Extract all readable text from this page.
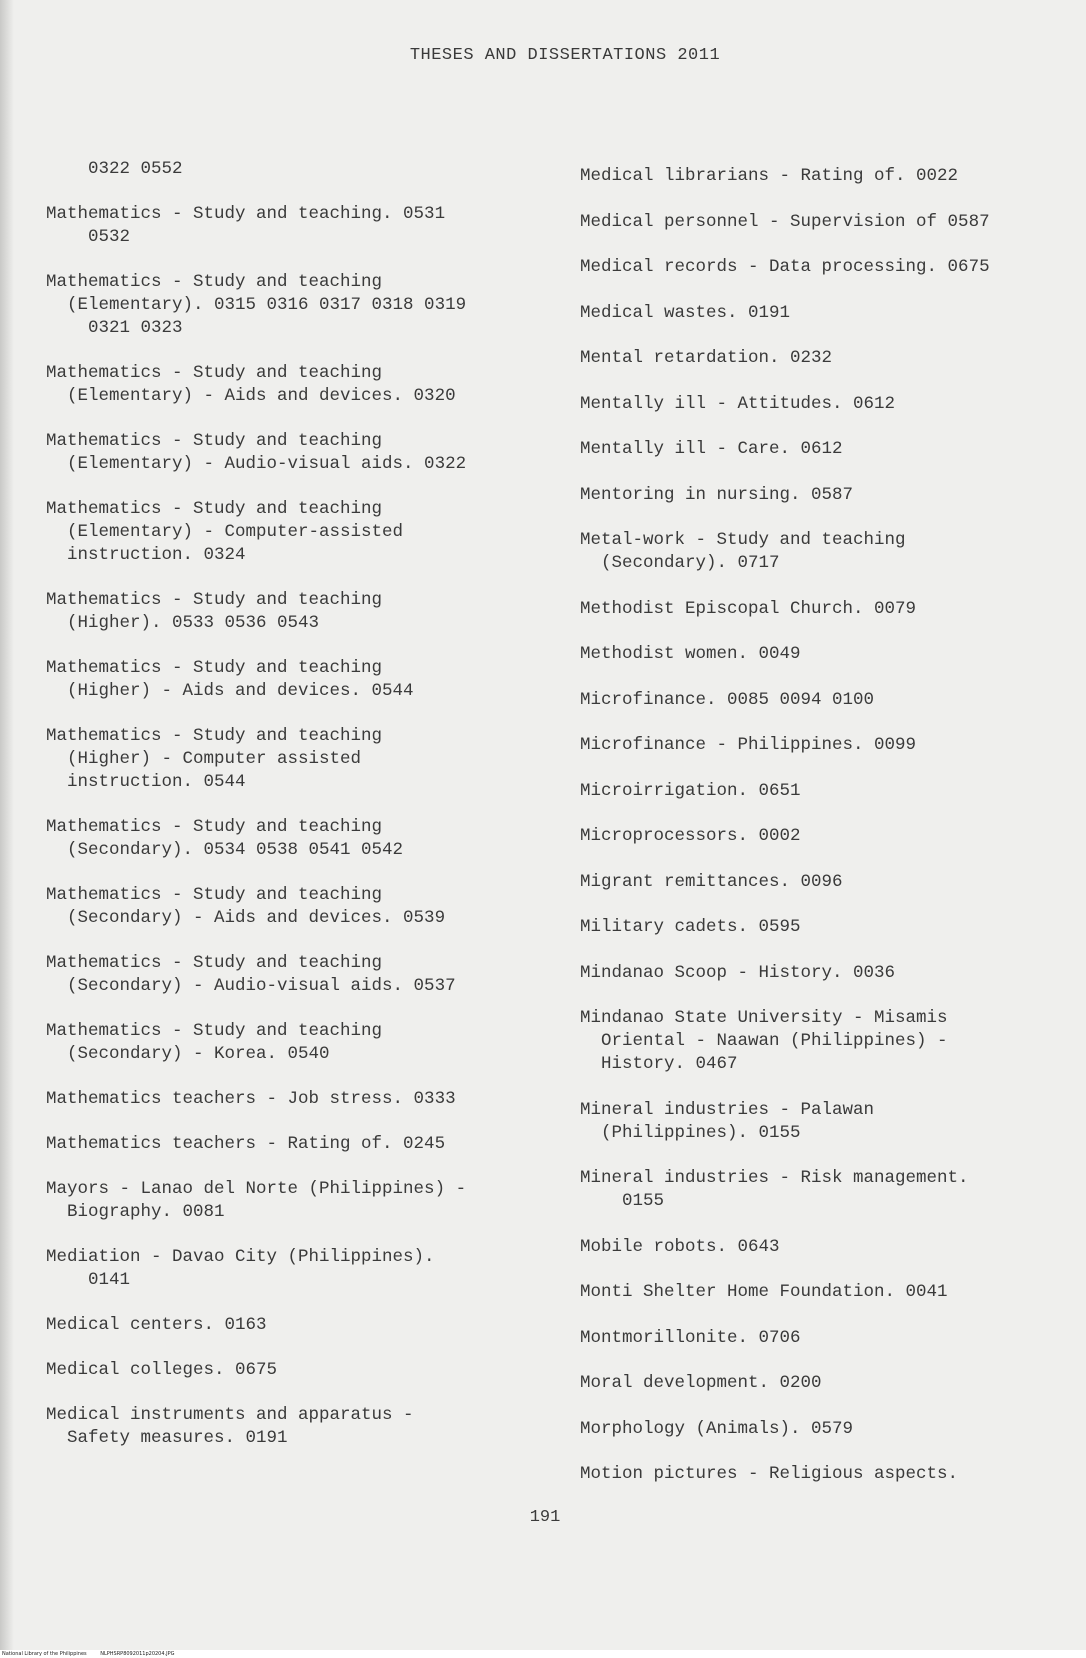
THESES AND DISSERTATIONS 2011
0322 0552
Mathematics - Study and teaching. 0531
0532
Mathematics - Study and teaching
(Elementary). 0315 0316 0317 0318 0319
0321 0323
Mathematics - Study and teaching
(Elementary) - Aids and devices. 0320
Mathematics - Study and teaching
(Elementary) - Audio-visual aids. 0322
Mathematics - Study and teaching
(Elementary) - Computer-assisted
instruction. 0324
Mathematics - Study and teaching
(Higher). 0533 0536 0543
Mathematics - Study and teaching
(Higher) - Aids and devices. 0544
Mathematics - Study and teaching
(Higher) - Computer assisted
instruction. 0544
Mathematics - Study and teaching
(Secondary). 0534 0538 0541 0542
Mathematics - Study and teaching
(Secondary) - Aids and devices. 0539
Mathematics - Study and teaching
(Secondary) - Audio-visual aids. 0537
Mathematics - Study and teaching
(Secondary) - Korea. 0540
Mathematics teachers - Job stress. 0333
Mathematics teachers - Rating of. 0245
Mayors - Lanao del Norte (Philippines) -
Biography. 0081
Mediation - Davao City (Philippines).
0141
Medical centers. 0163
Medical colleges. 0675
Medical instruments and apparatus -
Safety measures. 0191
Medical librarians - Rating of. 0022
Medical personnel - Supervision of 0587
Medical records - Data processing. 0675
Medical wastes. 0191
Mental retardation. 0232
Mentally ill - Attitudes. 0612
Mentally ill - Care. 0612
Mentoring in nursing. 0587
Metal-work - Study and teaching
(Secondary). 0717
Methodist Episcopal Church. 0079
Methodist women. 0049
Microfinance. 0085 0094 0100
Microfinance - Philippines. 0099
Microirrigation. 0651
Microprocessors. 0002
Migrant remittances. 0096
Military cadets. 0595
Mindanao Scoop - History. 0036
Mindanao State University - Misamis
Oriental - Naawan (Philippines) -
History. 0467
Mineral industries - Palawan
(Philippines). 0155
Mineral industries - Risk management.
0155
Mobile robots. 0643
Monti Shelter Home Foundation. 0041
Montmorillonite. 0706
Moral development. 0200
Morphology (Animals). 0579
Motion pictures - Religious aspects.
191
National Library of the Philippines	NLPHSRP8092011p20204.JPG
